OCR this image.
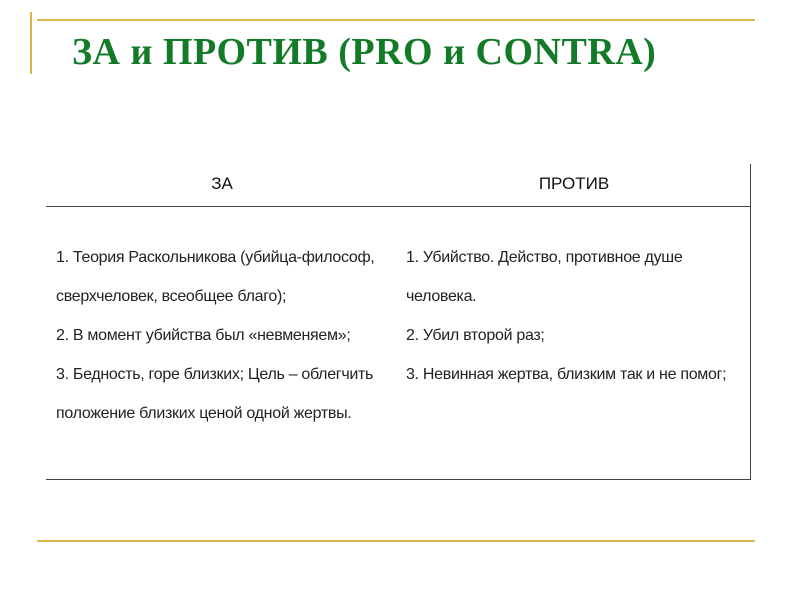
ЗА и ПРОТИВ (PRO и CONTRA)
ЗА	ПРОТИВ
1. Теория Раскольникова (убийца-философ,
сверхчеловек, всеобщее благо);
2. В момент убийства был «невменяем»;
3. Бедность, горе близких; Цель – облегчить
положение близких ценой одной жертвы.
1. Убийство. Действо, противное душе
человека.
2. Убил второй раз;
3. Невинная жертва, близким так и не помог;
